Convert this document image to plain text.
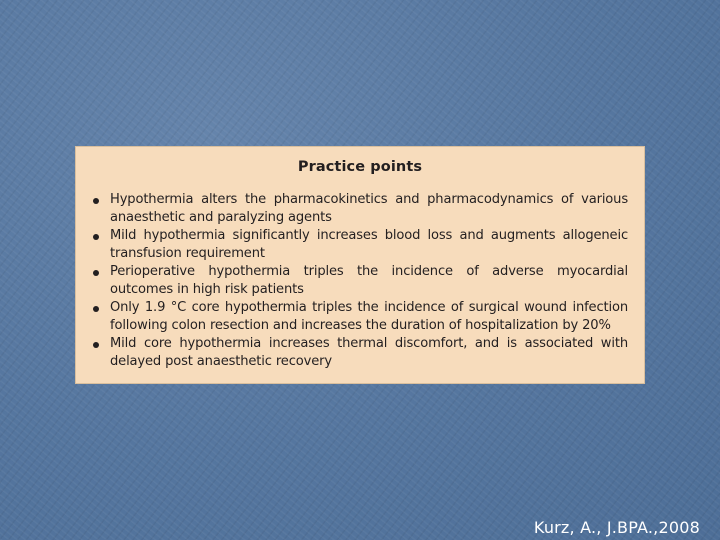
Practice points
Hypothermia alters the pharmacokinetics and pharmacodynamics of various anaesthetic and paralyzing agents
Mild hypothermia significantly increases blood loss and augments allogeneic transfusion requirement
Perioperative hypothermia triples the incidence of adverse myocardial outcomes in high risk patients
Only 1.9 °C core hypothermia triples the incidence of surgical wound infection following colon resection and increases the duration of hospitalization by 20%
Mild core hypothermia increases thermal discomfort, and is associated with delayed post anaesthetic recovery
Kurz, A., J.BPA.,2008
